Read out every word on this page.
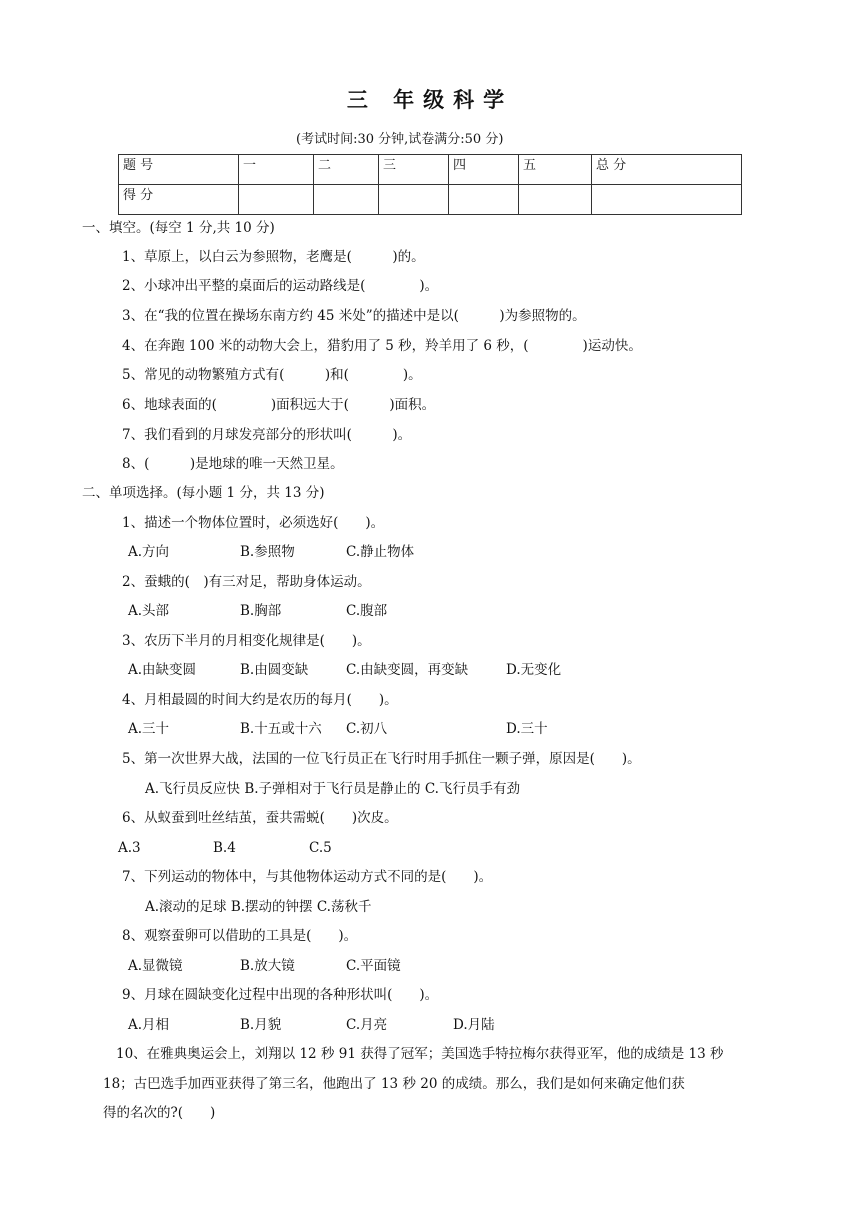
三 年级科学
(考试时间:30 分钟,试卷满分:50 分)
题 号	一	二	三	四	五	总 分
得 分						
一、填空。(每空 1 分,共 10 分)
1、草原上，以白云为参照物，老鹰是(　　　)的。
2、小球冲出平整的桌面后的运动路线是(　　　　)。
3、在“我的位置在操场东南方约 45 米处”的描述中是以(　　　)为参照物的。
4、在奔跑 100 米的动物大会上，猎豹用了 5 秒，羚羊用了 6 秒，(　　　　)运动快。
5、常见的动物繁殖方式有(　　　)和(　　　　)。
6、地球表面的(　　　　)面积远大于(　　　)面积。
7、我们看到的月球发亮部分的形状叫(　　　)。
8、(　　　)是地球的唯一天然卫星。
二、单项选择。(每小题 1 分，共 13 分)
1、描述一个物体位置时，必须选好(　　)。
A.方向	B.参照物	C.静止物体
2、蚕蛾的(　)有三对足，帮助身体运动。
A.头部	B.胸部	C.腹部
3、农历下半月的月相变化规律是(　　)。
A.由缺变圆	B.由圆变缺	C.由缺变圆，再变缺	D.无变化
4、月相最圆的时间大约是农历的每月(　　)。
A.三十	B.十五或十六 C.初八	D.三十
5、第一次世界大战，法国的一位飞行员正在飞行时用手抓住一颗子弹，原因是(　　)。
A.飞行员反应快 B.子弹相对于飞行员是静止的 C.飞行员手有劲
6、从蚁蚕到吐丝结茧，蚕共需蜕(　　)次皮。
A.3	B.4	C.5
7、下列运动的物体中，与其他物体运动方式不同的是(　　)。
A.滚动的足球 B.摆动的钟摆 C.荡秋千
8、观察蚕卵可以借助的工具是(　　)。
A.显微镜	B.放大镜	C.平面镜
9、月球在圆缺变化过程中出现的各种形状叫(　　)。
A.月相	B.月貌	C.月亮	D.月陆
10、在雅典奥运会上，刘翔以 12 秒 91 获得了冠军；美国选手特拉梅尔获得亚军，他的成绩是 13 秒
18；古巴选手加西亚获得了第三名，他跑出了 13 秒 20 的成绩。那么，我们是如何来确定他们获
得的名次的?(　　)
